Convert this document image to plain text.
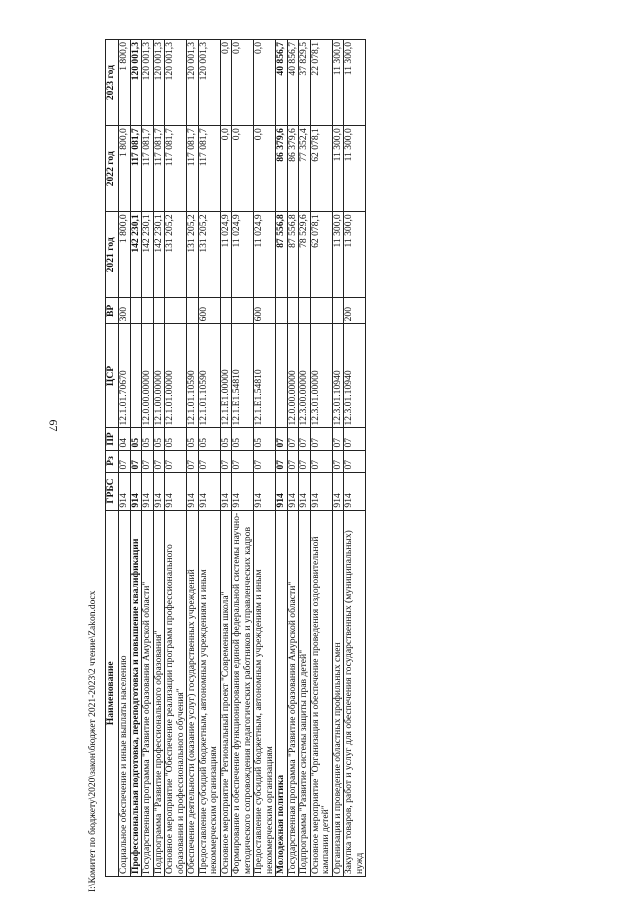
67
Наименование	ГРБС	Рз	ПР	ЦСР	ВР	2021 год	2022 год	2023 год
Социальное обеспечение и иные выплаты населению	914	07	04	12.1.01.70670	300	1 800,0	1 800,0	1 800,0
Профессиональная подготовка, переподготовка и повышение квалификации	914	07	05			142 230,1	117 081,7	120 001,3
Государственная программа "Развитие образования Амурской области"	914	07	05	12.0.00.00000		142 230,1	117 081,7	120 001,3
Подпрограмма "Развитие профессионального образования"	914	07	05	12.1.00.00000		142 230,1	117 081,7	120 001,3
Основное мероприятие "Обеспечение реализации программ профессионального образования и профессионального обучения"	914	07	05	12.1.01.00000		131 205,2	117 081,7	120 001,3
Обеспечение деятельности (оказание услуг) государственных учреждений	914	07	05	12.1.01.10590		131 205,2	117 081,7	120 001,3
Предоставление субсидий бюджетным, автономным учреждениям и иным некоммерческим организациям	914	07	05	12.1.01.10590	600	131 205,2	117 081,7	120 001,3
Основное мероприятие "Региональный проект "Современная школа"	914	07	05	12.1.E1.00000		11 024,9	0,0	0,0
Формирование и обеспечение функционирования единой федеральной системы научно-методического сопровождения педагогических работников и управленческих кадров	914	07	05	12.1.E1.54810		11 024,9	0,0	0,0
Предоставление субсидий бюджетным, автономным учреждениям и иным некоммерческим организациям	914	07	05	12.1.E1.54810	600	11 024,9	0,0	0,0
Молодежная политика	914	07	07			87 556,8	86 379,6	40 856,7
Государственная программа "Развитие образования Амурской области"	914	07	07	12.0.00.00000		87 556,8	86 379,6	40 856,7
Подпрограмма "Развитие системы защиты прав детей"	914	07	07	12.3.00.00000		78 529,6	77 352,4	37 829,5
Основное мероприятие "Организация и обеспечение проведения оздоровительной кампании детей"	914	07	07	12.3.01.00000		62 078,1	62 078,1	22 078,1
Организация и проведение областных профильных смен	914	07	07	12.3.01.10940		11 300,0	11 300,0	11 300,0
Закупка товаров, работ и услуг для обеспечения государственных (муниципальных) нужд	914	07	07	12.3.01.10940	200	11 300,0	11 300,0	11 300,0
I:\Комитет по бюджету\2020\закон\бюджет 2021-2023\2 чтение\Zakon.docx
